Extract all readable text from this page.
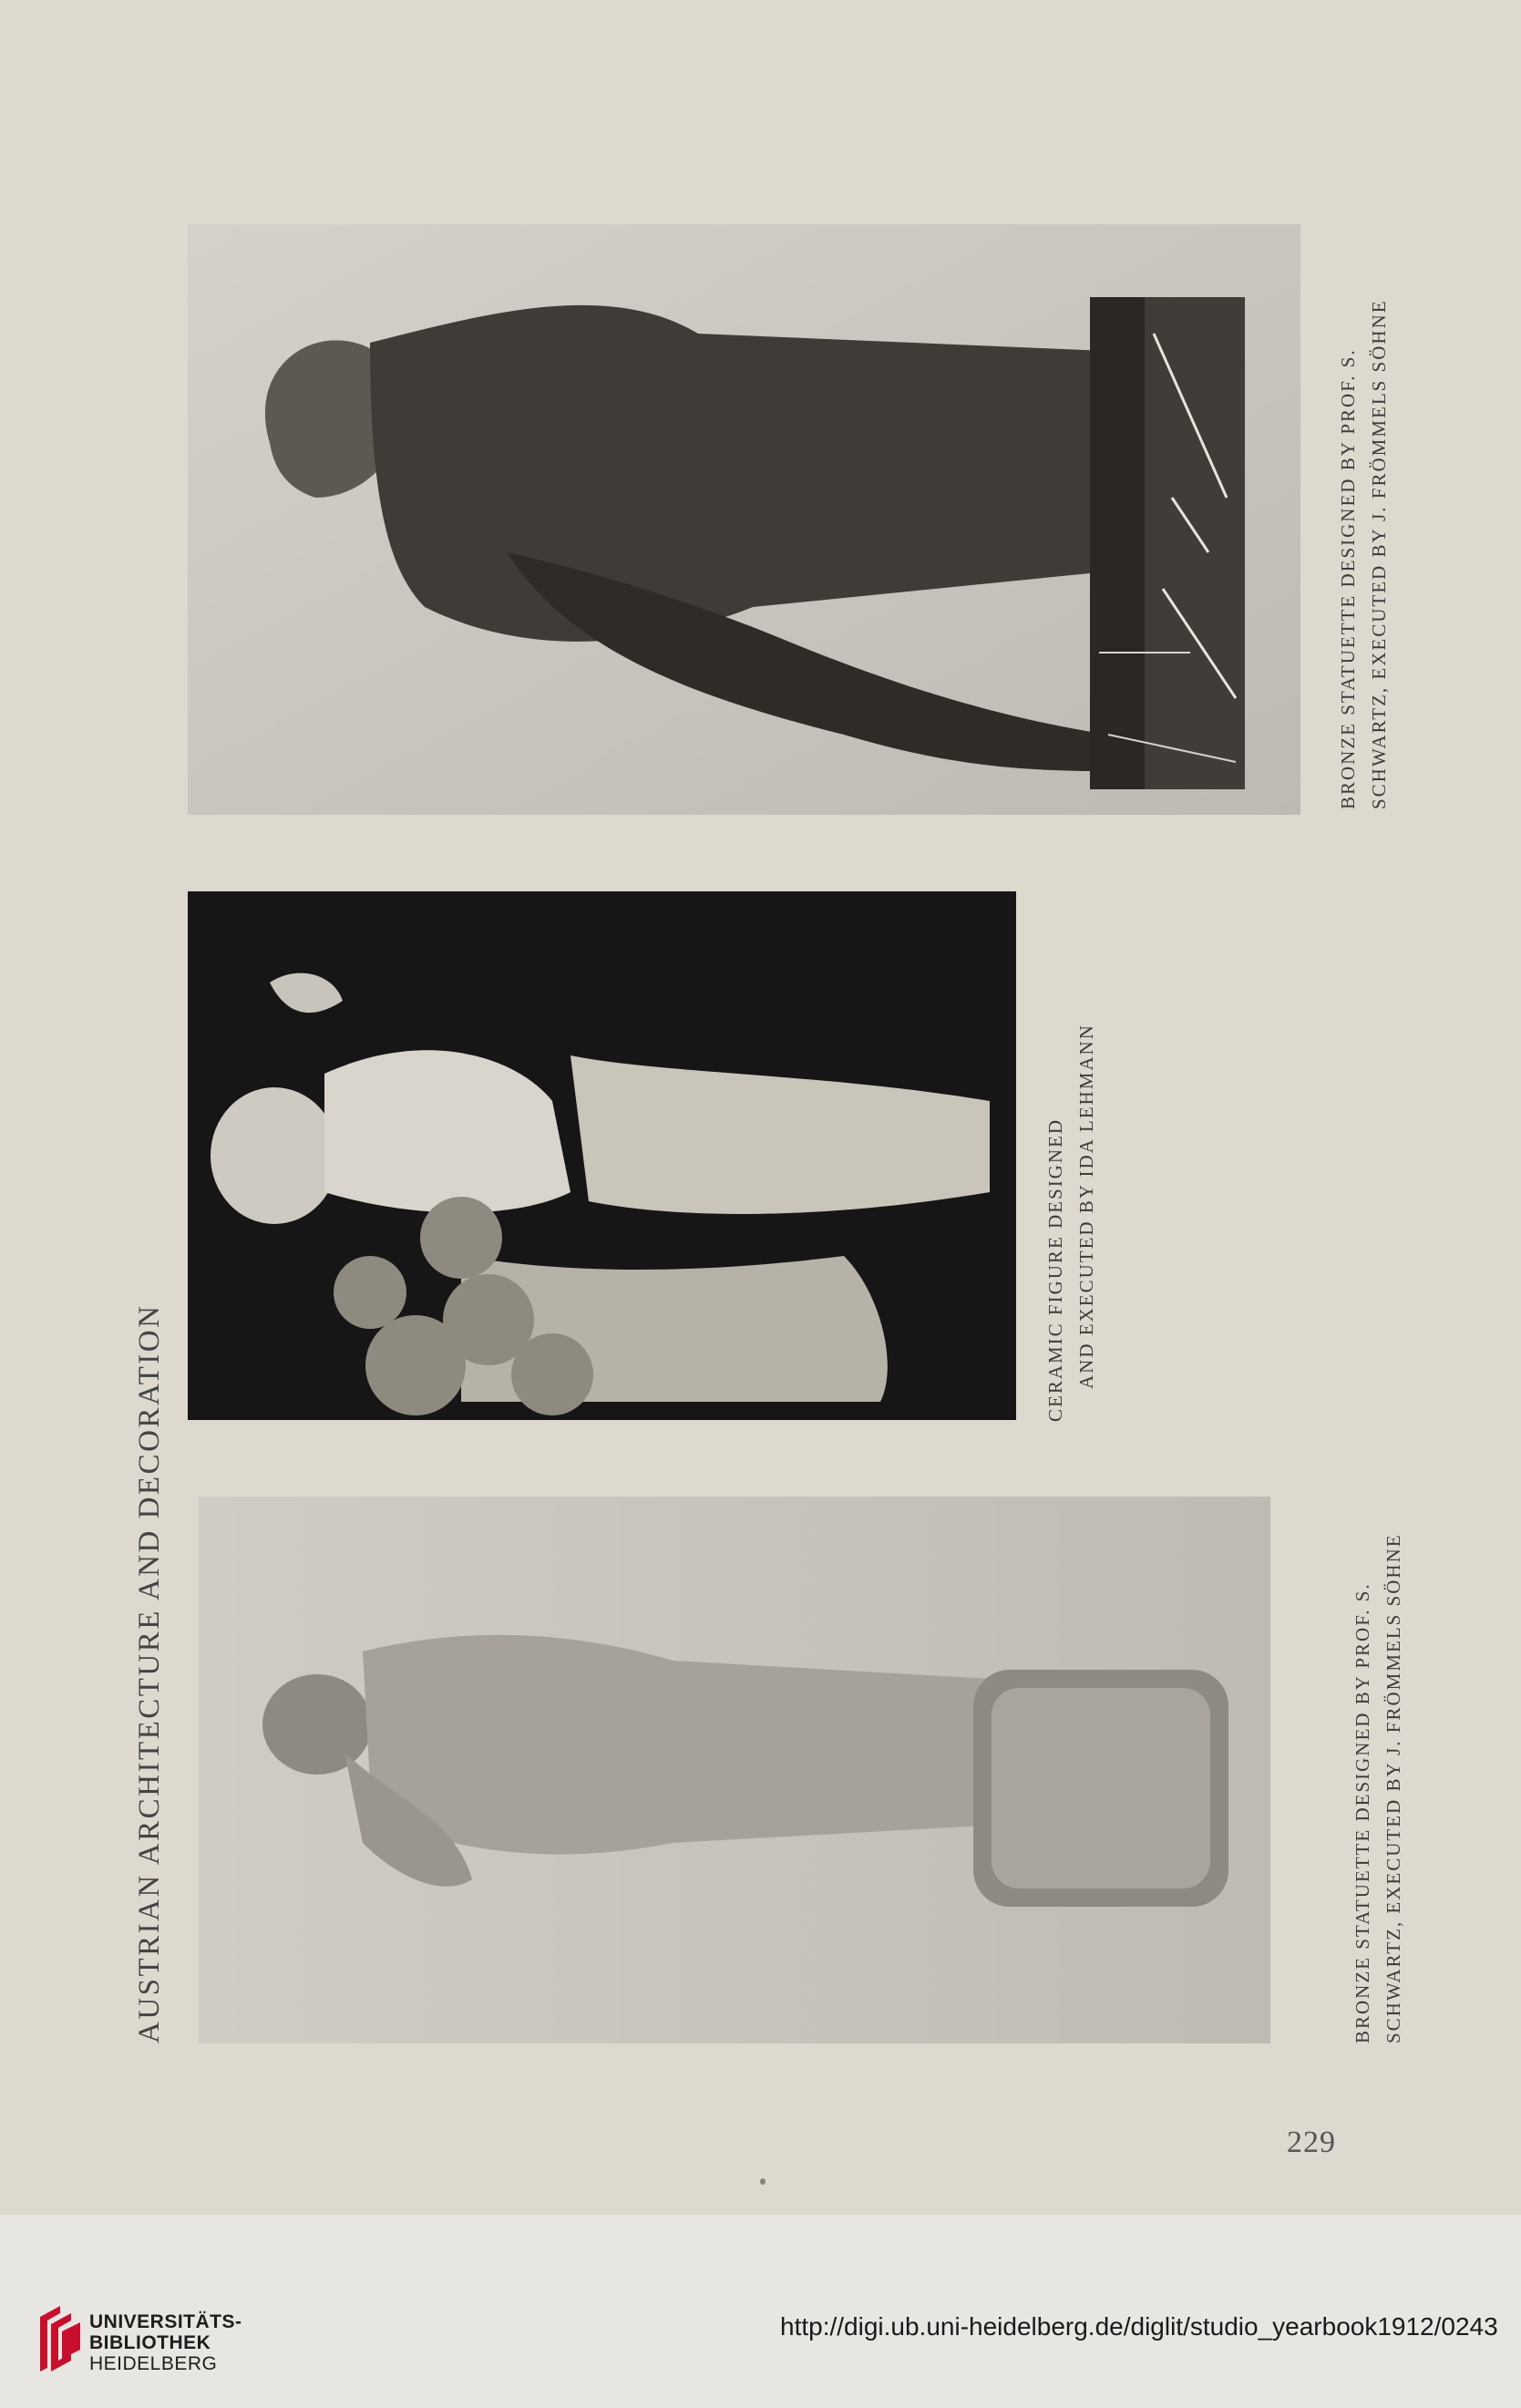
AUSTRIAN ARCHITECTURE AND DECORATION
BRONZE STATUETTE DESIGNED BY PROF. S. SCHWARTZ, EXECUTED BY J. FRÖMMELS SÖHNE
CERAMIC FIGURE DESIGNED AND EXECUTED BY IDA LEHMANN
BRONZE STATUETTE DESIGNED BY PROF. S. SCHWARTZ, EXECUTED BY J. FRÖMMELS SÖHNE
229
UNIVERSITÄTS-
BIBLIOTHEK
HEIDELBERG
http://digi.ub.uni-heidelberg.de/diglit/studio_yearbook1912/0243
